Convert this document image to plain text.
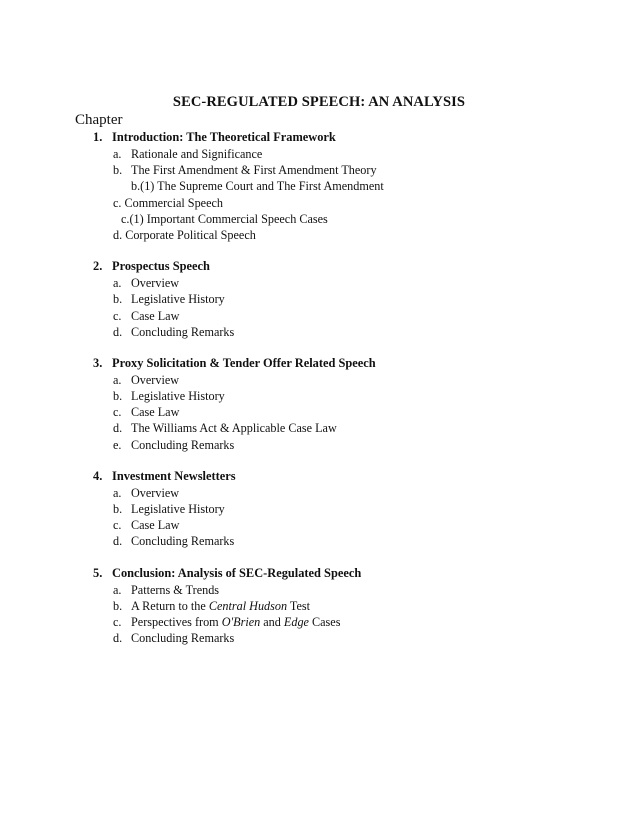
SEC-REGULATED SPEECH: AN ANALYSIS
Chapter
1. Introduction: The Theoretical Framework
a. Rationale and Significance
b. The First Amendment & First Amendment Theory
b.(1) The Supreme Court and The First Amendment
c. Commercial Speech
c.(1) Important Commercial Speech Cases
d. Corporate Political Speech
2. Prospectus Speech
a. Overview
b. Legislative History
c. Case Law
d. Concluding Remarks
3. Proxy Solicitation & Tender Offer Related Speech
a. Overview
b. Legislative History
c. Case Law
d. The Williams Act & Applicable Case Law
e. Concluding Remarks
4. Investment Newsletters
a. Overview
b. Legislative History
c. Case Law
d. Concluding Remarks
5. Conclusion: Analysis of SEC-Regulated Speech
a. Patterns & Trends
b. A Return to the Central Hudson Test
c. Perspectives from O'Brien and Edge Cases
d. Concluding Remarks
